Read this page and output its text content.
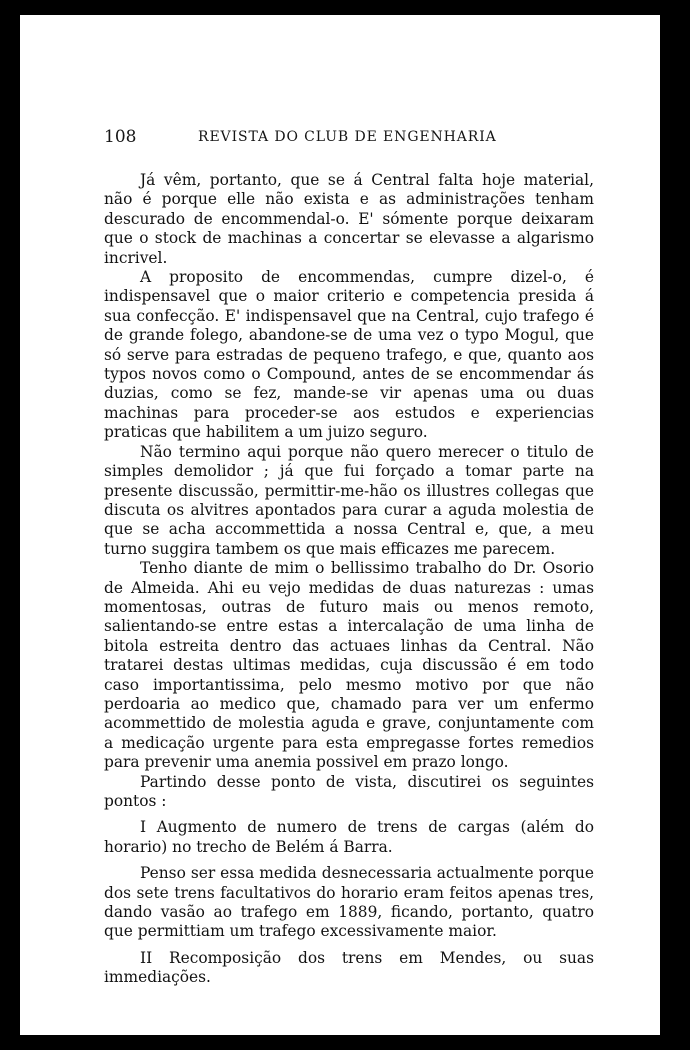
108	REVISTA DO CLUB DE ENGENHARIA

Já vêm, portanto, que se á Central falta hoje material, não é porque elle não exista e as administrações tenham descurado de encommendal-o. E' sómente porque deixaram que o stock de machinas a concertar se elevasse a algarismo incrivel.

A proposito de encommendas, cumpre dizel-o, é indispensavel que o maior criterio e competencia presida á sua confecção. E' indispensavel que na Central, cujo trafego é de grande folego, abandone-se de uma vez o typo Mogul, que só serve para estradas de pequeno trafego, e que, quanto aos typos novos como o Compound, antes de se encommendar ás duzias, como se fez, mande-se vir apenas uma ou duas machinas para proceder-se aos estudos e experiencias praticas que habilitem a um juizo seguro.

Não termino aqui porque não quero merecer o titulo de simples demolidor ; já que fui forçado a tomar parte na presente discussão, permittir-me-hão os illustres collegas que discuta os alvitres apontados para curar a aguda molestia de que se acha accommettida a nossa Central e, que, a meu turno suggira tambem os que mais efficazes me parecem.

Tenho diante de mim o bellissimo trabalho do Dr. Osorio de Almeida. Ahi eu vejo medidas de duas naturezas : umas momentosas, outras de futuro mais ou menos remoto, salientando-se entre estas a intercalação de uma linha de bitola estreita dentro das actuaes linhas da Central. Não tratarei destas ultimas medidas, cuja discussão é em todo caso importantissima, pelo mesmo motivo por que não perdoaria ao medico que, chamado para ver um enfermo acommettido de molestia aguda e grave, conjuntamente com a medicação urgente para esta empregasse fortes remedios para prevenir uma anemia possivel em prazo longo.

Partindo desse ponto de vista, discutirei os seguintes pontos :

I Augmento de numero de trens de cargas (além do horario) no trecho de Belém á Barra.

Penso ser essa medida desnecessaria actualmente porque dos sete trens facultativos do horario eram feitos apenas tres, dando vasão ao trafego em 1889, ficando, portanto, quatro que permittiam um trafego excessivamente maior.

II Recomposição dos trens em Mendes, ou suas immediações.
